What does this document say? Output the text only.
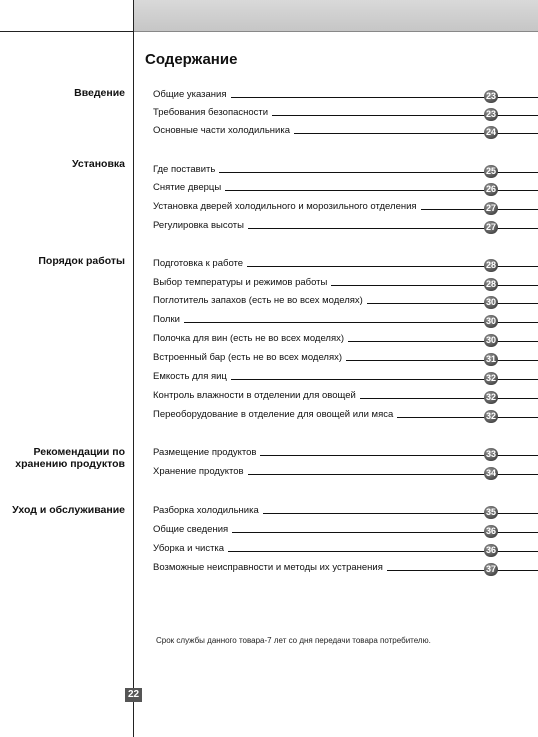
Содержание
Введение
Установка
Порядок работы
Рекомендации по хранению продуктов
Уход и обслуживание
Общие указания	23
Требования безопасности	23
Основные части холодильника	24
Где поставить	25
Снятие дверцы	26
Установка дверей холодильного и морозильного отделения	27
Регулировка высоты	27
Подготовка к работе	28
Выбор температуры и режимов работы	28
Поглотитель запахов (есть не во всех моделях)	30
Полки	30
Полочка для вин (есть не во всех моделях)	30
Встроенный бар (есть не во всех моделях)	31
Емкость для яиц	32
Контроль влажности в отделении для овощей	32
Переоборудование в отделение для овощей или мяса	32
Размещение продуктов	33
Хранение продуктов	34
Разборка холодильника	35
Общие сведения	36
Уборка и чистка	36
Возможные неисправности и методы их устранения	37
Срок службы данного товара-7 лет со дня передачи товара потребителю.
22
